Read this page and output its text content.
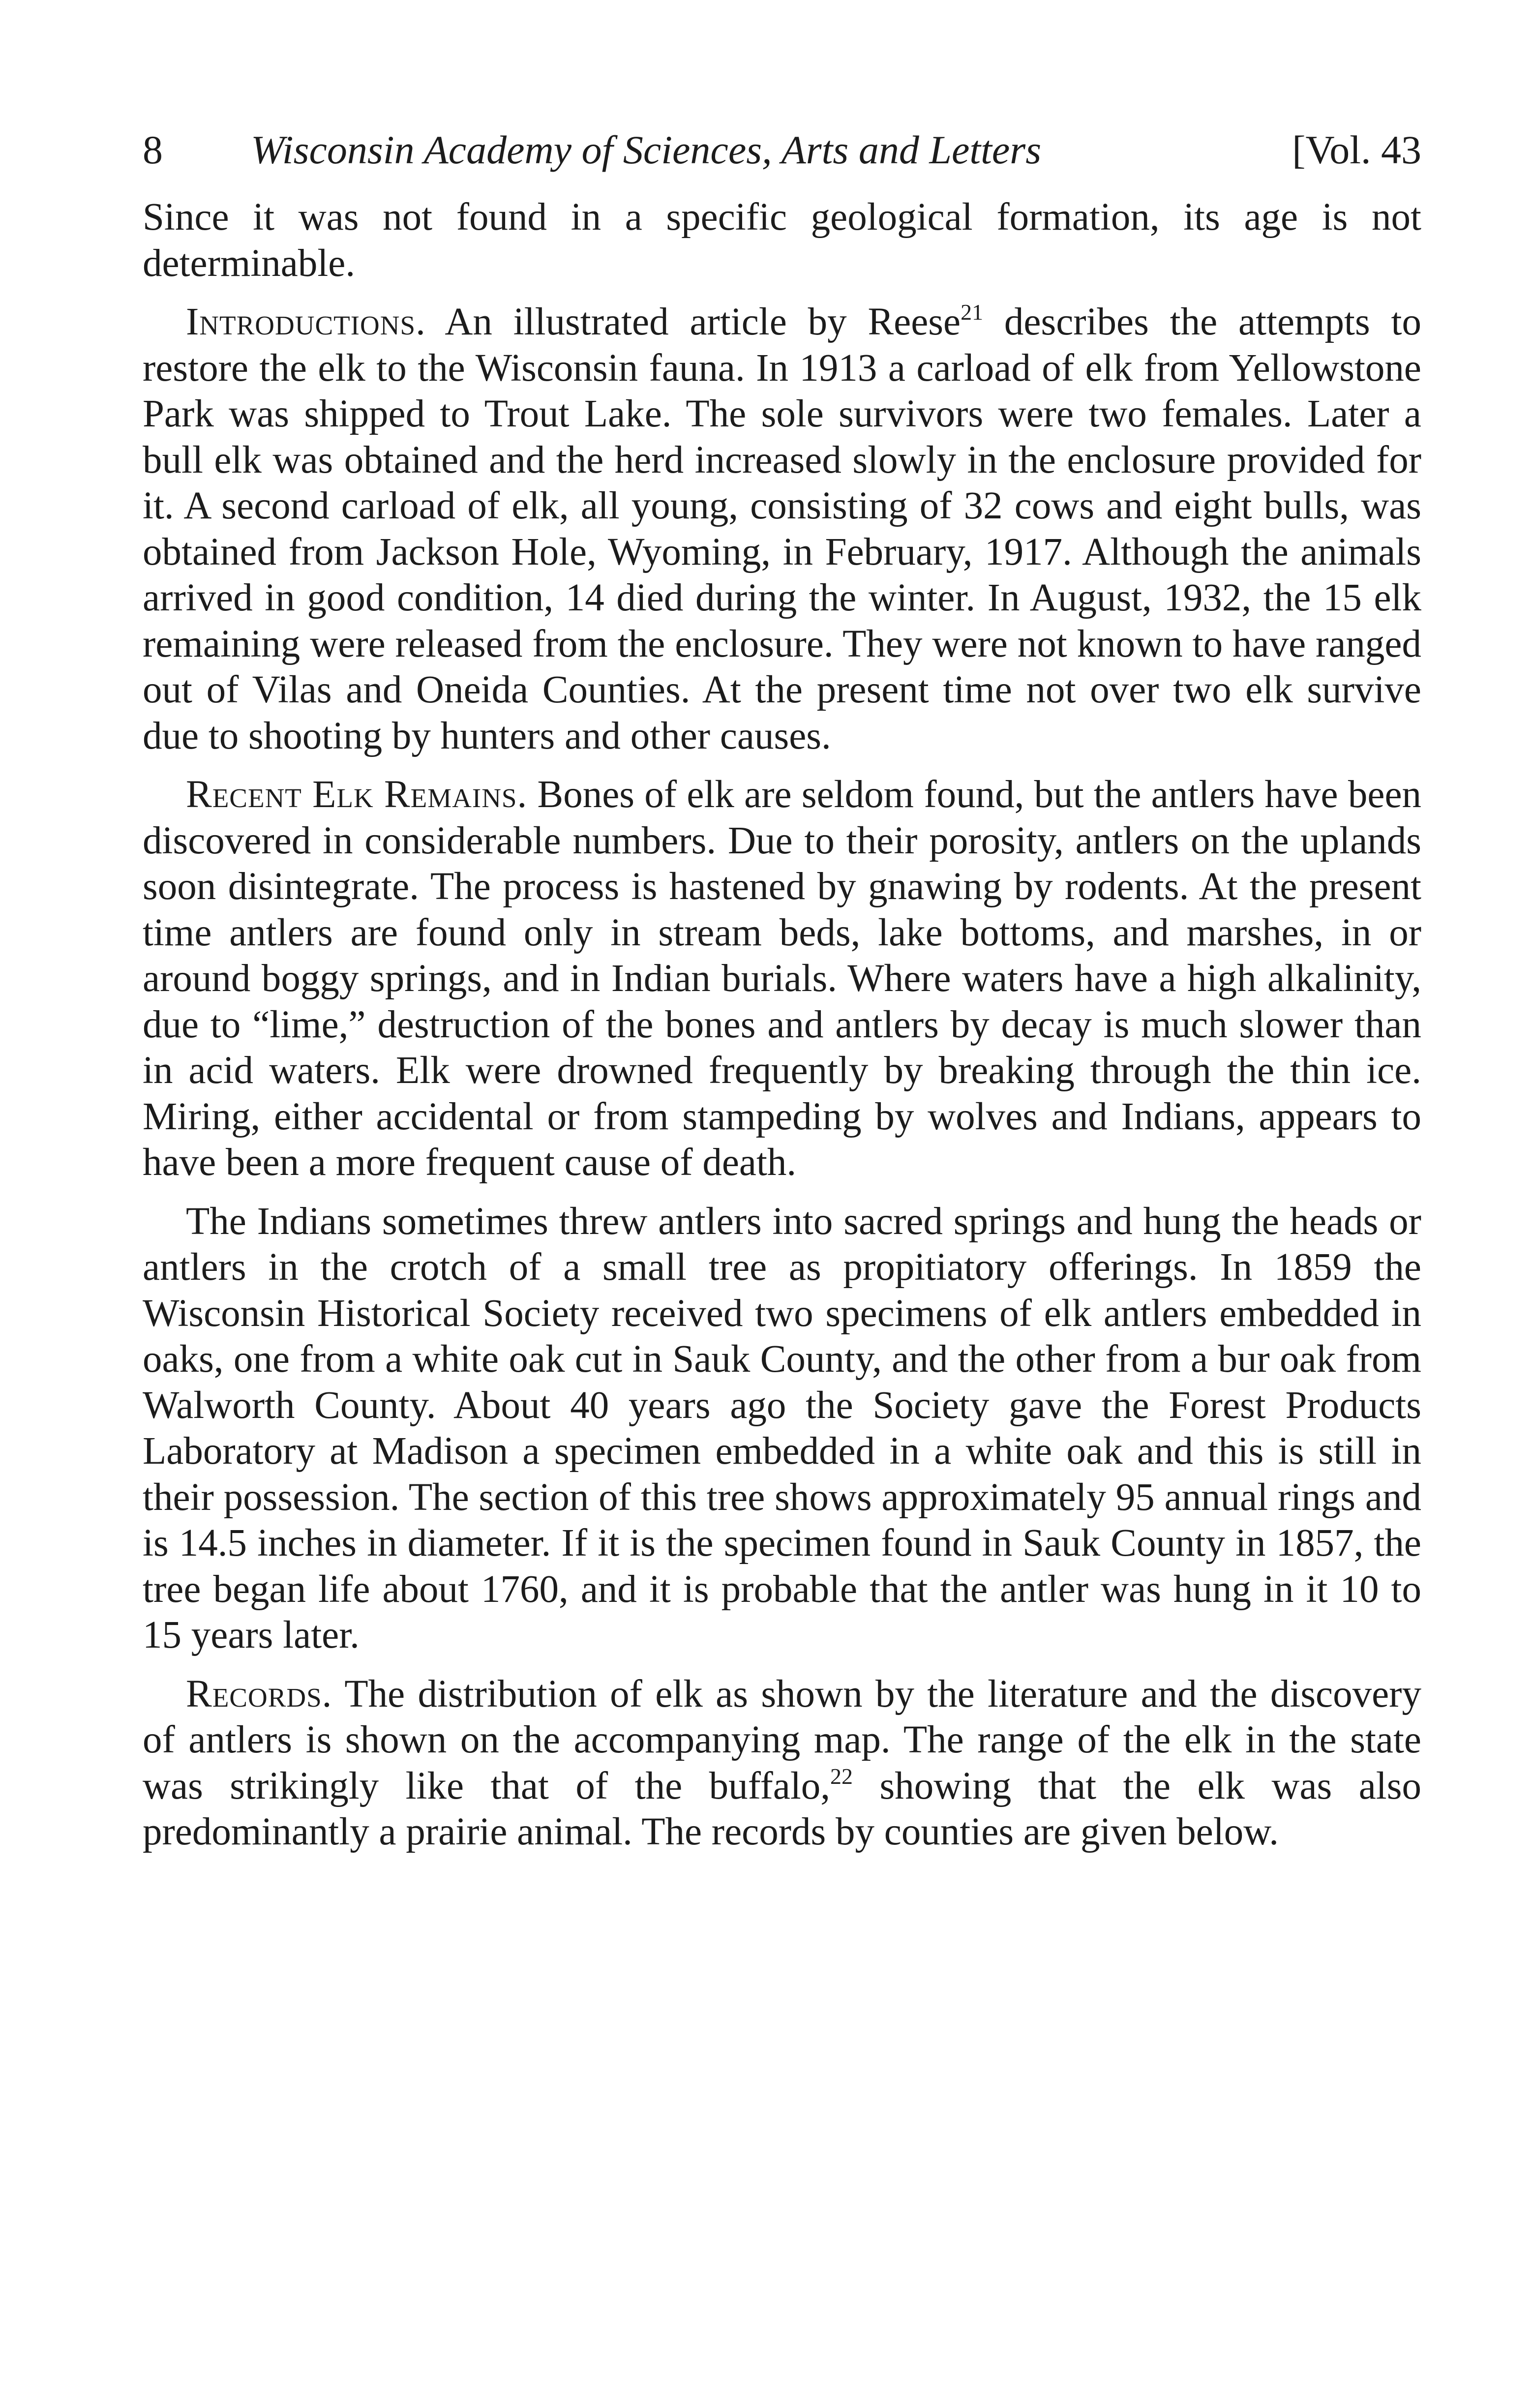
8 Wisconsin Academy of Sciences, Arts and Letters	[Vol. 43

Since it was not found in a specific geological formation, its age is not determinable.

Introductions. An illustrated article by Reese$^{21}$ describes the attempts to restore the elk to the Wisconsin fauna. In 1913 a carload of elk from Yellowstone Park was shipped to Trout Lake. The sole survivors were two females. Later a bull elk was obtained and the herd increased slowly in the enclosure provided for it. A second carload of elk, all young, consisting of 32 cows and eight bulls, was obtained from Jackson Hole, Wyoming, in February, 1917. Although the animals arrived in good condition, 14 died during the winter. In August, 1932, the 15 elk remaining were released from the enclosure. They were not known to have ranged out of Vilas and Oneida Counties. At the present time not over two elk survive due to shooting by hunters and other causes.

Recent Elk Remains. Bones of elk are seldom found, but the antlers have been discovered in considerable numbers. Due to their porosity, antlers on the uplands soon disintegrate. The process is hastened by gnawing by rodents. At the present time antlers are found only in stream beds, lake bottoms, and marshes, in or around boggy springs, and in Indian burials. Where waters have a high alkalinity, due to “lime,” destruction of the bones and antlers by decay is much slower than in acid waters. Elk were drowned frequently by breaking through the thin ice. Miring, either accidental or from stampeding by wolves and Indians, appears to have been a more frequent cause of death.

The Indians sometimes threw antlers into sacred springs and hung the heads or antlers in the crotch of a small tree as propitiatory offerings. In 1859 the Wisconsin Historical Society received two specimens of elk antlers embedded in oaks, one from a white oak cut in Sauk County, and the other from a bur oak from Walworth County. About 40 years ago the Society gave the Forest Products Laboratory at Madison a specimen embedded in a white oak and this is still in their possession. The section of this tree shows approximately 95 annual rings and is 14.5 inches in diameter. If it is the specimen found in Sauk County in 1857, the tree began life about 1760, and it is probable that the antler was hung in it 10 to 15 years later.

Records. The distribution of elk as shown by the literature and the discovery of antlers is shown on the accompanying map. The range of the elk in the state was strikingly like that of the buffalo,$^{22}$ showing that the elk was also predominantly a prairie animal. The records by counties are given below.
